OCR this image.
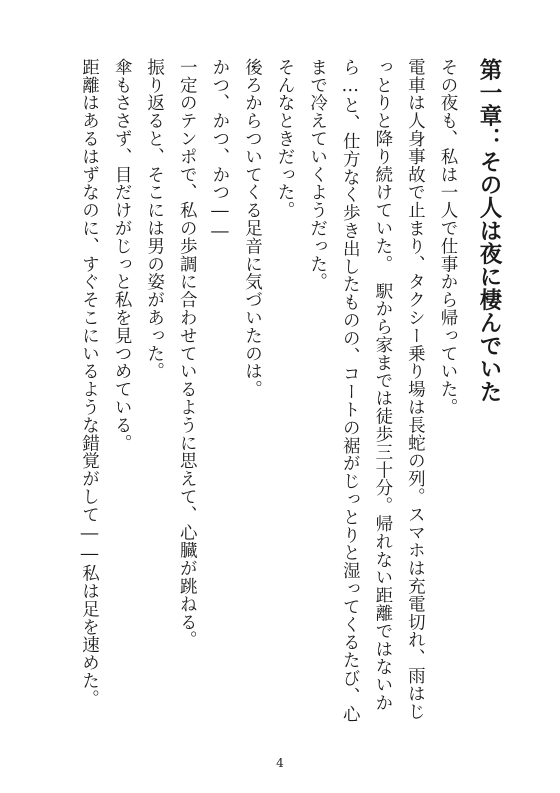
第一章：その人は夜に棲んでいた

その夜も、私は一人で仕事から帰っていた。

電車は人身事故で止まり、タクシー乗り場は長蛇の列。スマホは充電切れ、雨はじっとりと降り続けていた。　駅から家までは徒歩三十分。帰れない距離ではないから…と、仕方なく歩き出したものの、コートの裾がじっとりと湿ってくるたび、心まで冷えていくようだった。

そんなときだった。

後ろからついてくる足音に気づいたのは。

かつ、かつ、かつ――

一定のテンポで、私の歩調に合わせているように思えて、心臓が跳ねる。

振り返ると、そこには男の姿があった。

傘もささず、目だけがじっと私を見つめている。

距離はあるはずなのに、すぐそこにいるような錯覚がして――私は足を速めた。

4
